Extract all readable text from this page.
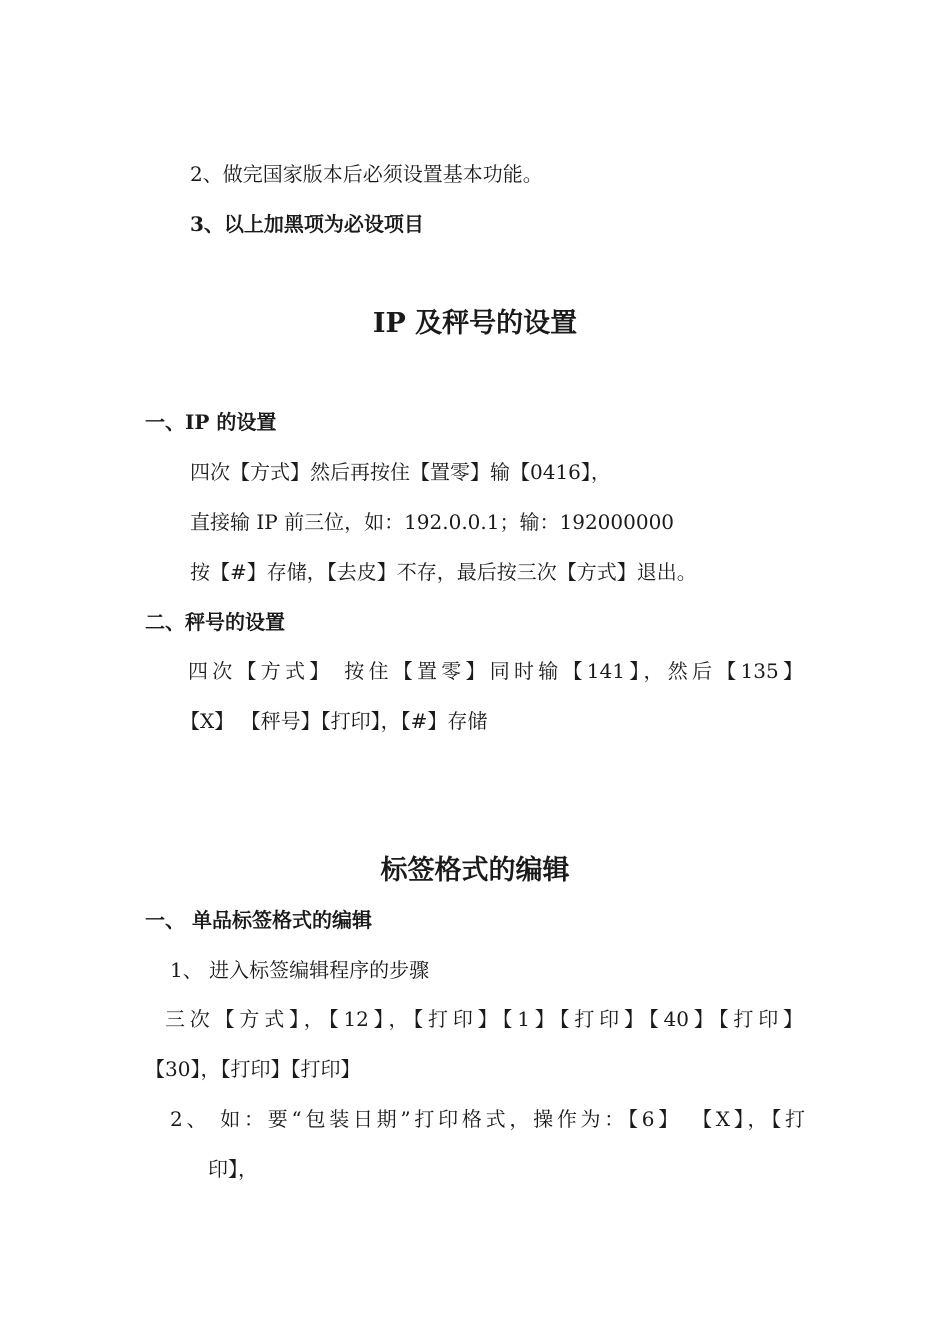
2、做完国家版本后必须设置基本功能。
3、以上加黑项为必设项目
IP 及秤号的设置
一、IP 的设置
四次【方式】然后再按住【置零】输【0416】，
直接输 IP 前三位，如：192.0.0.1；输：192000000
按【#】存储，【去皮】不存，最后按三次【方式】退出。
二、秤号的设置
四次【方式】 按住【置零】同时输【141】，然后【135】
【X】 【秤号】【打印】，【#】存储
标签格式的编辑
一、 单品标签格式的编辑
1、 进入标签编辑程序的步骤
三次【方式】，【12】，【打印】【1】【打印】【40】【打印】
【30】，【打印】【打印】
2、 如：要“包装日期”打印格式，操作为：【6】 【X】，【打
印】，
